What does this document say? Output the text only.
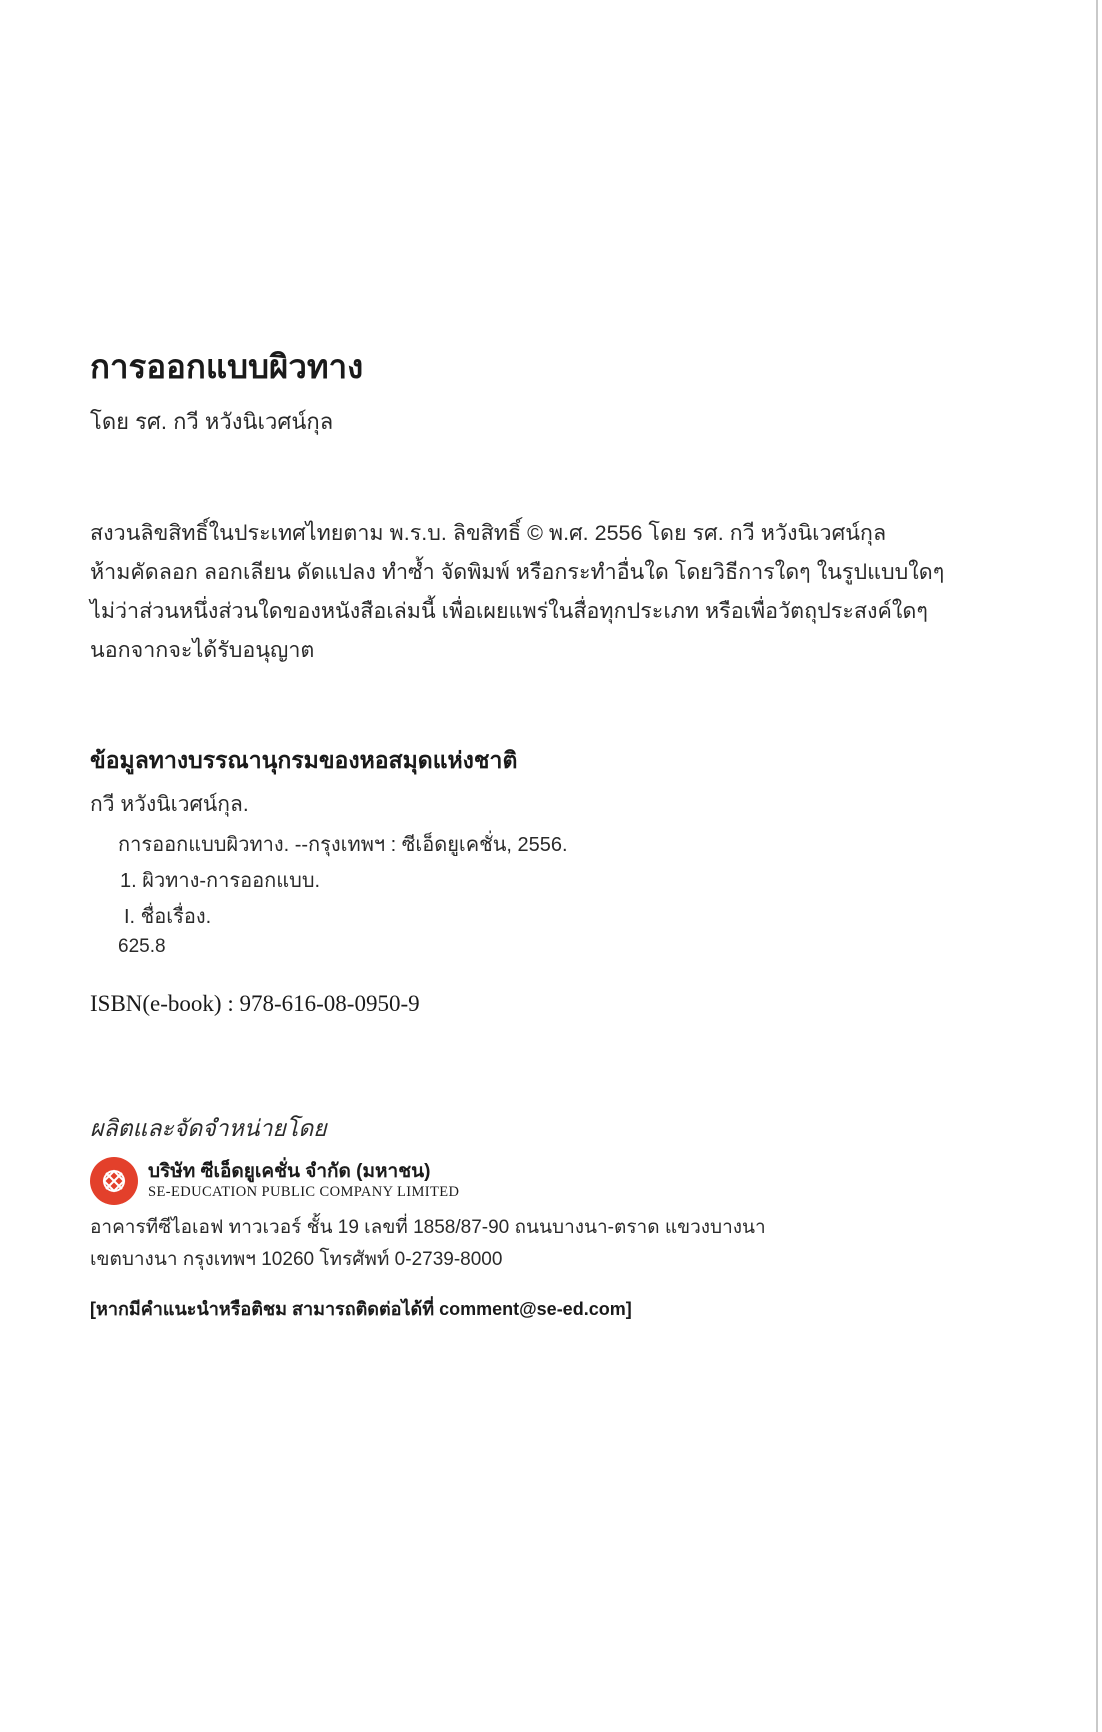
การออกแบบผิวทาง
โดย รศ. กวี หวังนิเวศน์กุล

สงวนลิขสิทธิ์ในประเทศไทยตาม พ.ร.บ. ลิขสิทธิ์ © พ.ศ. 2556 โดย รศ. กวี หวังนิเวศน์กุล

ห้ามคัดลอก ลอกเลียน ดัดแปลง ทำซ้ำ จัดพิมพ์ หรือกระทำอื่นใด โดยวิธีการใดๆ ในรูปแบบใดๆ

ไม่ว่าส่วนหนึ่งส่วนใดของหนังสือเล่มนี้ เพื่อเผยแพร่ในสื่อทุกประเภท หรือเพื่อวัตถุประสงค์ใดๆ

นอกจากจะได้รับอนุญาต

ข้อมูลทางบรรณานุกรมของหอสมุดแห่งชาติ
กวี หวังนิเวศน์กุล.
การออกแบบผิวทาง. --กรุงเทพฯ : ซีเอ็ดยูเคชั่น, 2556.
1. ผิวทาง-การออกแบบ.
I. ชื่อเรื่อง.
625.8
ISBN(e-book) : 978-616-08-0950-9
ผลิตและจัดจำหน่ายโดย
บริษัท ซีเอ็ดยูเคชั่น จำกัด (มหาชน)
SE-EDUCATION PUBLIC COMPANY LIMITED

อาคารทีซีไอเอฟ ทาวเวอร์ ชั้น 19 เลขที่ 1858/87-90 ถนนบางนา-ตราด แขวงบางนา

เขตบางนา กรุงเทพฯ 10260 โทรศัพท์ 0-2739-8000

[หากมีคำแนะนำหรือติชม สามารถติดต่อได้ที่ comment@se-ed.com]
